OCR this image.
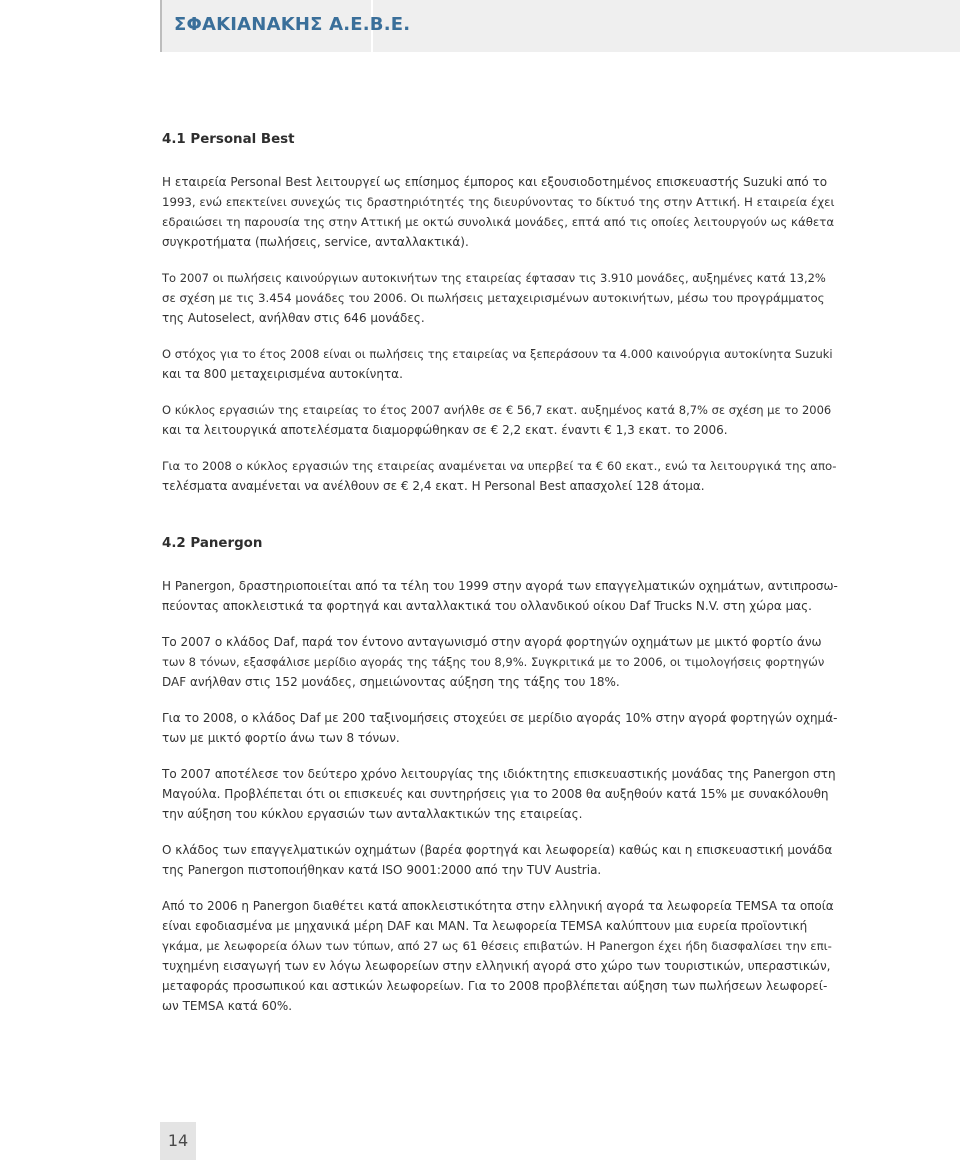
ΣΦΑΚΙΑΝΑΚΗΣ Α.Ε.Β.Ε.
4.1 Personal Best
Η εταιρεία Personal Best λειτουργεί ως επίσημος έμπορος και εξουσιοδοτημένος επισκευαστής Suzuki από το
1993, ενώ επεκτείνει συνεχώς τις δραστηριότητές της διευρύνοντας το δίκτυό της στην Αττική. Η εταιρεία έχει
εδραιώσει τη παρουσία της στην Αττική με οκτώ συνολικά μονάδες, επτά από τις οποίες λειτουργούν ως κάθετα
συγκροτήματα (πωλήσεις, service, ανταλλακτικά).
Το 2007 οι πωλήσεις καινούργιων αυτοκινήτων της εταιρείας έφτασαν τις 3.910 μονάδες, αυξημένες κατά 13,2%
σε σχέση με τις 3.454 μονάδες του 2006. Οι πωλήσεις μεταχειρισμένων αυτοκινήτων, μέσω του προγράμματος
της Autoselect, ανήλθαν στις 646 μονάδες.
Ο στόχος για το έτος 2008 είναι οι πωλήσεις της εταιρείας να ξεπεράσουν τα 4.000 καινούργια αυτοκίνητα Suzuki
και τα 800 μεταχειρισμένα αυτοκίνητα.
Ο κύκλος εργασιών της εταιρείας το έτος 2007 ανήλθε σε € 56,7 εκατ. αυξημένος κατά 8,7% σε σχέση με το 2006
και τα λειτουργικά αποτελέσματα διαμορφώθηκαν σε € 2,2 εκατ. έναντι € 1,3 εκατ. το 2006.
Για το 2008 ο κύκλος εργασιών της εταιρείας αναμένεται να υπερβεί τα € 60 εκατ., ενώ τα λειτουργικά της απο-
τελέσματα αναμένεται να ανέλθουν σε € 2,4 εκατ. Η Personal Best απασχολεί 128 άτομα.
4.2 Panergon
Η Panergon, δραστηριοποιείται από τα τέλη του 1999 στην αγορά των επαγγελματικών οχημάτων, αντιπροσω-
πεύοντας αποκλειστικά τα φορτηγά και ανταλλακτικά του ολλανδικού οίκου Daf Trucks N.V. στη χώρα μας.
Το 2007 ο κλάδος Daf, παρά τον έντονο ανταγωνισμό στην αγορά φορτηγών οχημάτων με μικτό φορτίο άνω
των 8 τόνων, εξασφάλισε μερίδιο αγοράς της τάξης του 8,9%. Συγκριτικά με το 2006, οι τιμολογήσεις φορτηγών
DAF ανήλθαν στις 152 μονάδες, σημειώνοντας αύξηση της τάξης του 18%.
Για το 2008, ο κλάδος Daf με 200 ταξινομήσεις στοχεύει σε μερίδιο αγοράς 10% στην αγορά φορτηγών οχημά-
των με μικτό φορτίο άνω των 8 τόνων.
Το 2007 αποτέλεσε τον δεύτερο χρόνο λειτουργίας της ιδιόκτητης επισκευαστικής μονάδας της Panergon στη
Μαγούλα. Προβλέπεται ότι οι επισκευές και συντηρήσεις για το 2008 θα αυξηθούν κατά 15% με συνακόλουθη
την αύξηση του κύκλου εργασιών των ανταλλακτικών της εταιρείας.
Ο κλάδος των επαγγελματικών οχημάτων (βαρέα φορτηγά και λεωφορεία) καθώς και η επισκευαστική μονάδα
της Panergon πιστοποιήθηκαν κατά ISO 9001:2000 από την TUV Austria.
Από το 2006 η Panergon διαθέτει κατά αποκλειστικότητα στην ελληνική αγορά τα λεωφορεία TEMSA τα οποία
είναι εφοδιασμένα με μηχανικά μέρη DAF και MAN. Τα λεωφορεία TEMSA καλύπτουν μια ευρεία προϊοντική
γκάμα, με λεωφορεία όλων των τύπων, από 27 ως 61 θέσεις επιβατών. Η Panergon έχει ήδη διασφαλίσει την επι-
τυχημένη εισαγωγή των εν λόγω λεωφορείων στην ελληνική αγορά στο χώρο των τουριστικών, υπεραστικών,
μεταφοράς προσωπικού και αστικών λεωφορείων. Για το 2008 προβλέπεται αύξηση των πωλήσεων λεωφορεί-
ων TEMSA κατά 60%.
14
